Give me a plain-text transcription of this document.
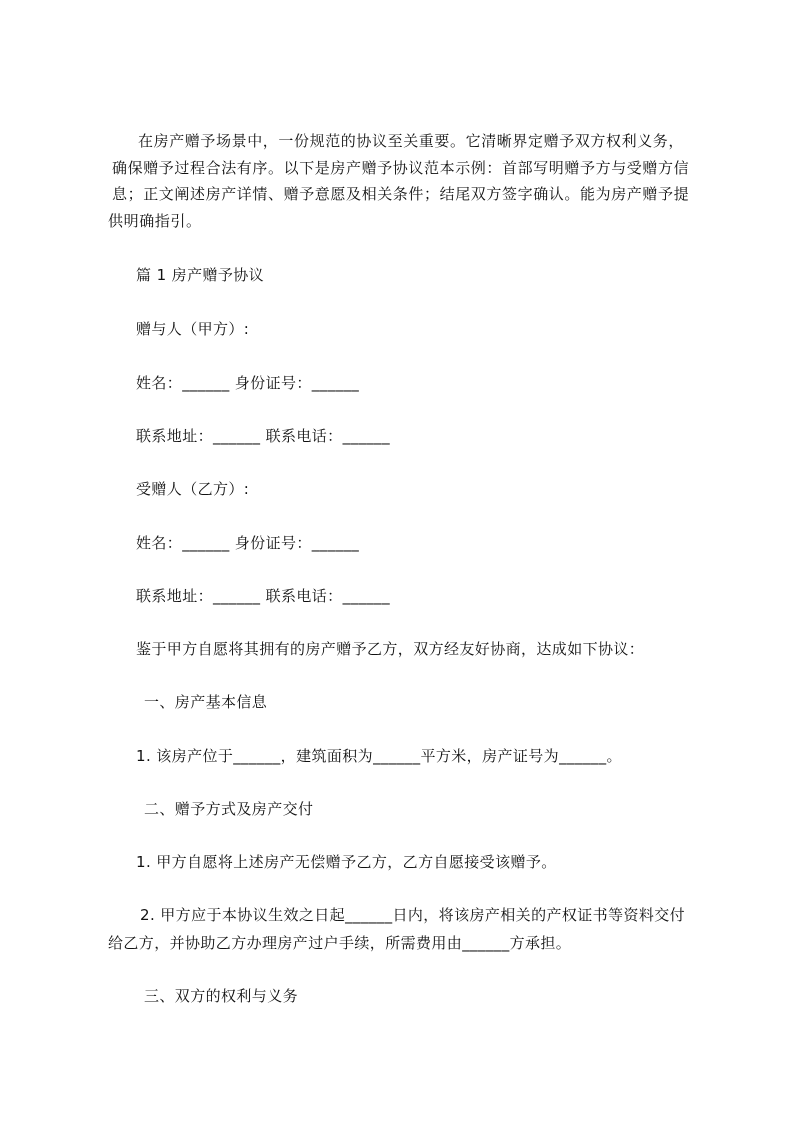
在房产赠予场景中，一份规范的协议至关重要。它清晰界定赠予双方权利义务，
确保赠予过程合法有序。以下是房产赠予协议范本示例：首部写明赠予方与受赠方信
息；正文阐述房产详情、赠予意愿及相关条件；结尾双方签字确认。能为房产赠予提
供明确指引。
篇 1 房产赠予协议
赠与人（甲方）:
姓名：______ 身份证号：______
联系地址：______ 联系电话：______
受赠人（乙方）:
姓名：______ 身份证号：______
联系地址：______ 联系电话：______
鉴于甲方自愿将其拥有的房产赠予乙方，双方经友好协商，达成如下协议：
一、房产基本信息
1. 该房产位于______，建筑面积为______平方米，房产证号为______。
二、赠予方式及房产交付
1. 甲方自愿将上述房产无偿赠予乙方，乙方自愿接受该赠予。
2. 甲方应于本协议生效之日起______日内，将该房产相关的产权证书等资料交付
给乙方，并协助乙方办理房产过户手续，所需费用由______方承担。
三、双方的权利与义务
